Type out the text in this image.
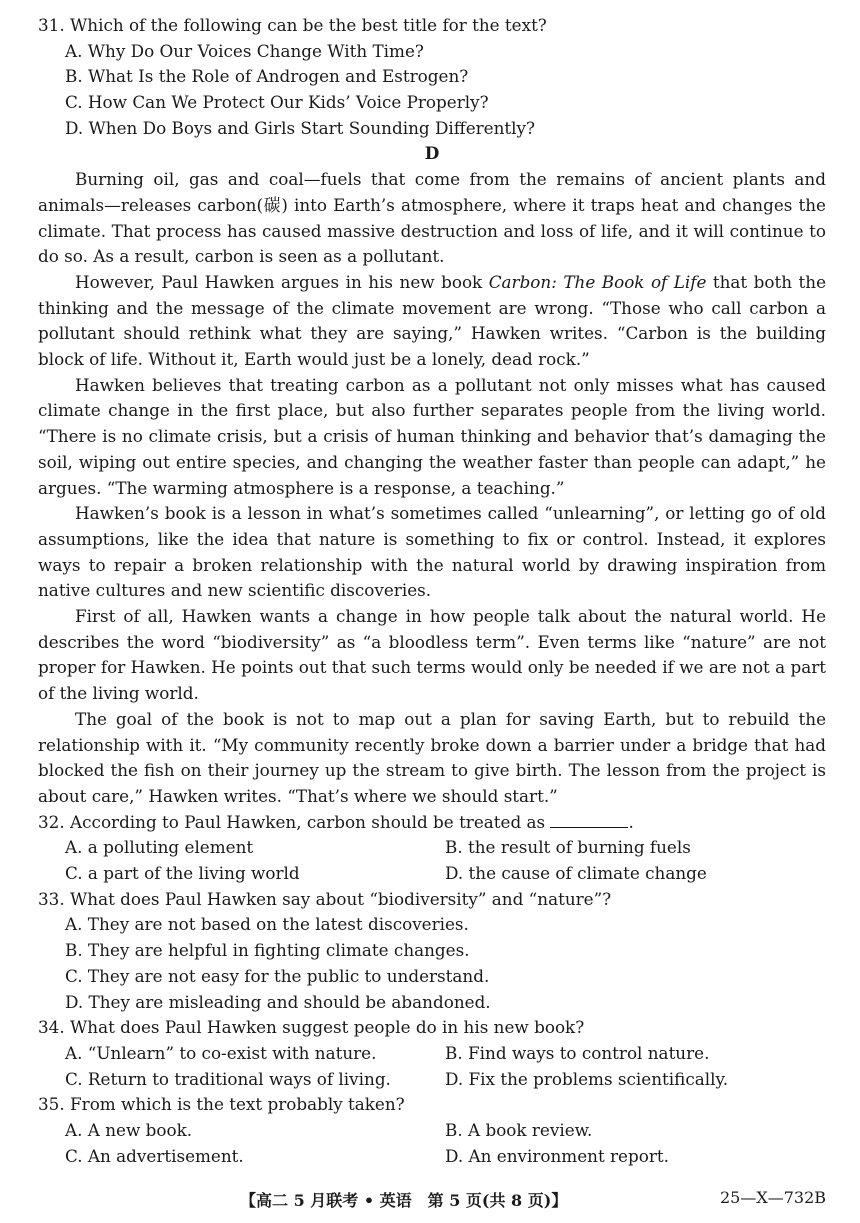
31. Which of the following can be the best title for the text?
A. Why Do Our Voices Change With Time?
B. What Is the Role of Androgen and Estrogen?
C. How Can We Protect Our Kids’ Voice Properly?
D. When Do Boys and Girls Start Sounding Differently?
D
Burning oil, gas and coal—fuels that come from the remains of ancient plants and animals—releases carbon(碳) into Earth’s atmosphere, where it traps heat and changes the climate. That process has caused massive destruction and loss of life, and it will continue to do so. As a result, carbon is seen as a pollutant.
However, Paul Hawken argues in his new book Carbon: The Book of Life that both the thinking and the message of the climate movement are wrong. “Those who call carbon a pollutant should rethink what they are saying,” Hawken writes. “Carbon is the building block of life. Without it, Earth would just be a lonely, dead rock.”
Hawken believes that treating carbon as a pollutant not only misses what has caused climate change in the first place, but also further separates people from the living world. “There is no climate crisis, but a crisis of human thinking and behavior that’s damaging the soil, wiping out entire species, and changing the weather faster than people can adapt,” he argues. “The warming atmosphere is a response, a teaching.”
Hawken’s book is a lesson in what’s sometimes called “unlearning”, or letting go of old assumptions, like the idea that nature is something to fix or control. Instead, it explores ways to repair a broken relationship with the natural world by drawing inspiration from native cultures and new scientific discoveries.
First of all, Hawken wants a change in how people talk about the natural world. He describes the word “biodiversity” as “a bloodless term”. Even terms like “nature” are not proper for Hawken. He points out that such terms would only be needed if we are not a part of the living world.
The goal of the book is not to map out a plan for saving Earth, but to rebuild the relationship with it. “My community recently broke down a barrier under a bridge that had blocked the fish on their journey up the stream to give birth. The lesson from the project is about care,” Hawken writes. “That’s where we should start.”
32. According to Paul Hawken, carbon should be treated as	.
A. a polluting element	B. the result of burning fuels
C. a part of the living world	D. the cause of climate change
33. What does Paul Hawken say about “biodiversity” and “nature”?
A. They are not based on the latest discoveries.
B. They are helpful in fighting climate changes.
C. They are not easy for the public to understand.
D. They are misleading and should be abandoned.
34. What does Paul Hawken suggest people do in his new book?
A. “Unlearn” to co-exist with nature.	B. Find ways to control nature.
C. Return to traditional ways of living.	D. Fix the problems scientifically.
35. From which is the text probably taken?
A. A new book.	B. A book review.
C. An advertisement.	D. An environment report.
【高二 5 月联考 • 英语　第 5 页(共 8 页)】	25—X—732B
